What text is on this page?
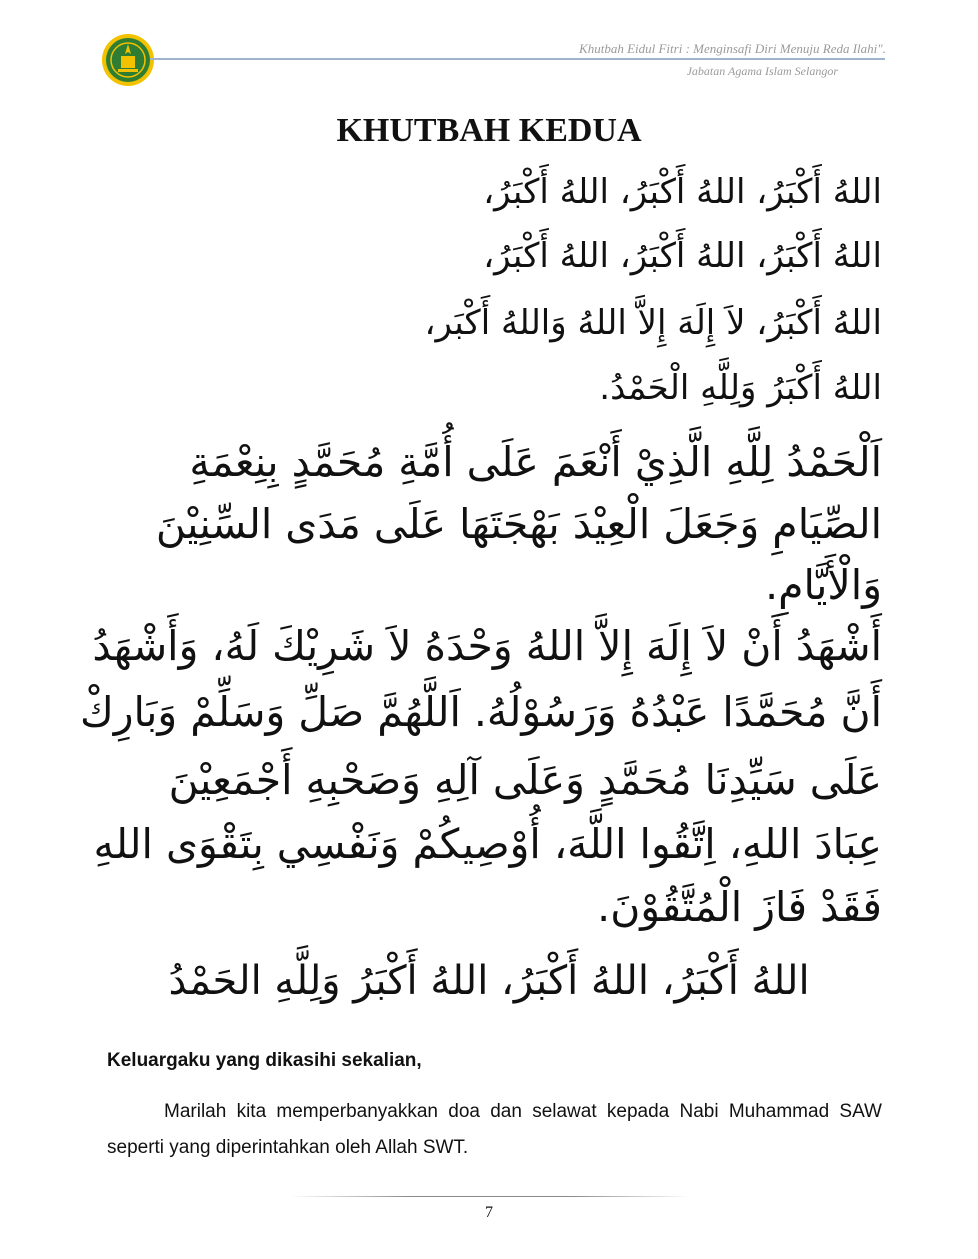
Khutbah Eidul Fitri : Menginsafi Diri Menuju Reda Ilahi".
Jabatan Agama Islam Selangor
KHUTBAH KEDUA
اللهُ أَكْبَرُ، اللهُ أَكْبَرُ، اللهُ أَكْبَرُ،
اللهُ أَكْبَرُ، اللهُ أَكْبَرُ، اللهُ أَكْبَرُ،
اللهُ أَكْبَرُ، لاَ إِلَهَ إِلاَّ اللهُ وَاللهُ أَكْبَر،
اللهُ أَكْبَرُ وَلِلَّهِ الْحَمْدُ.
اَلْحَمْدُ لِلَّهِ الَّذِيْ أَنْعَمَ عَلَى أُمَّةِ مُحَمَّدٍ بِنِعْمَةِ
الصِّيَامِ وَجَعَلَ الْعِيْدَ بَهْجَتَهَا عَلَى مَدَى السِّنِيْنَ
وَالْأَيَّامِ.
أَشْهَدُ أَنْ لاَ إِلَهَ إِلاَّ اللهُ وَحْدَهُ لاَ شَرِيْكَ لَهُ، وَأَشْهَدُ
أَنَّ مُحَمَّدًا عَبْدُهُ وَرَسُوْلُهُ. اَللَّهُمَّ صَلِّ وَسَلِّمْ وَبَارِكْ
عَلَى سَيِّدِنَا مُحَمَّدٍ وَعَلَى آلِهِ وَصَحْبِهِ أَجْمَعِيْنَ
عِبَادَ اللهِ، اِتَّقُوا اللَّهَ، أُوْصِيكُمْ وَنَفْسِي بِتَقْوَى اللهِ
فَقَدْ فَازَ الْمُتَّقُوْنَ.
اللهُ أَكْبَرُ، اللهُ أَكْبَرُ، اللهُ أَكْبَرُ وَلِلَّهِ الحَمْدُ
Keluargaku yang dikasihi sekalian,
Marilah kita memperbanyakkan doa dan selawat kepada Nabi Muhammad SAW seperti yang diperintahkan oleh Allah SWT.
7
